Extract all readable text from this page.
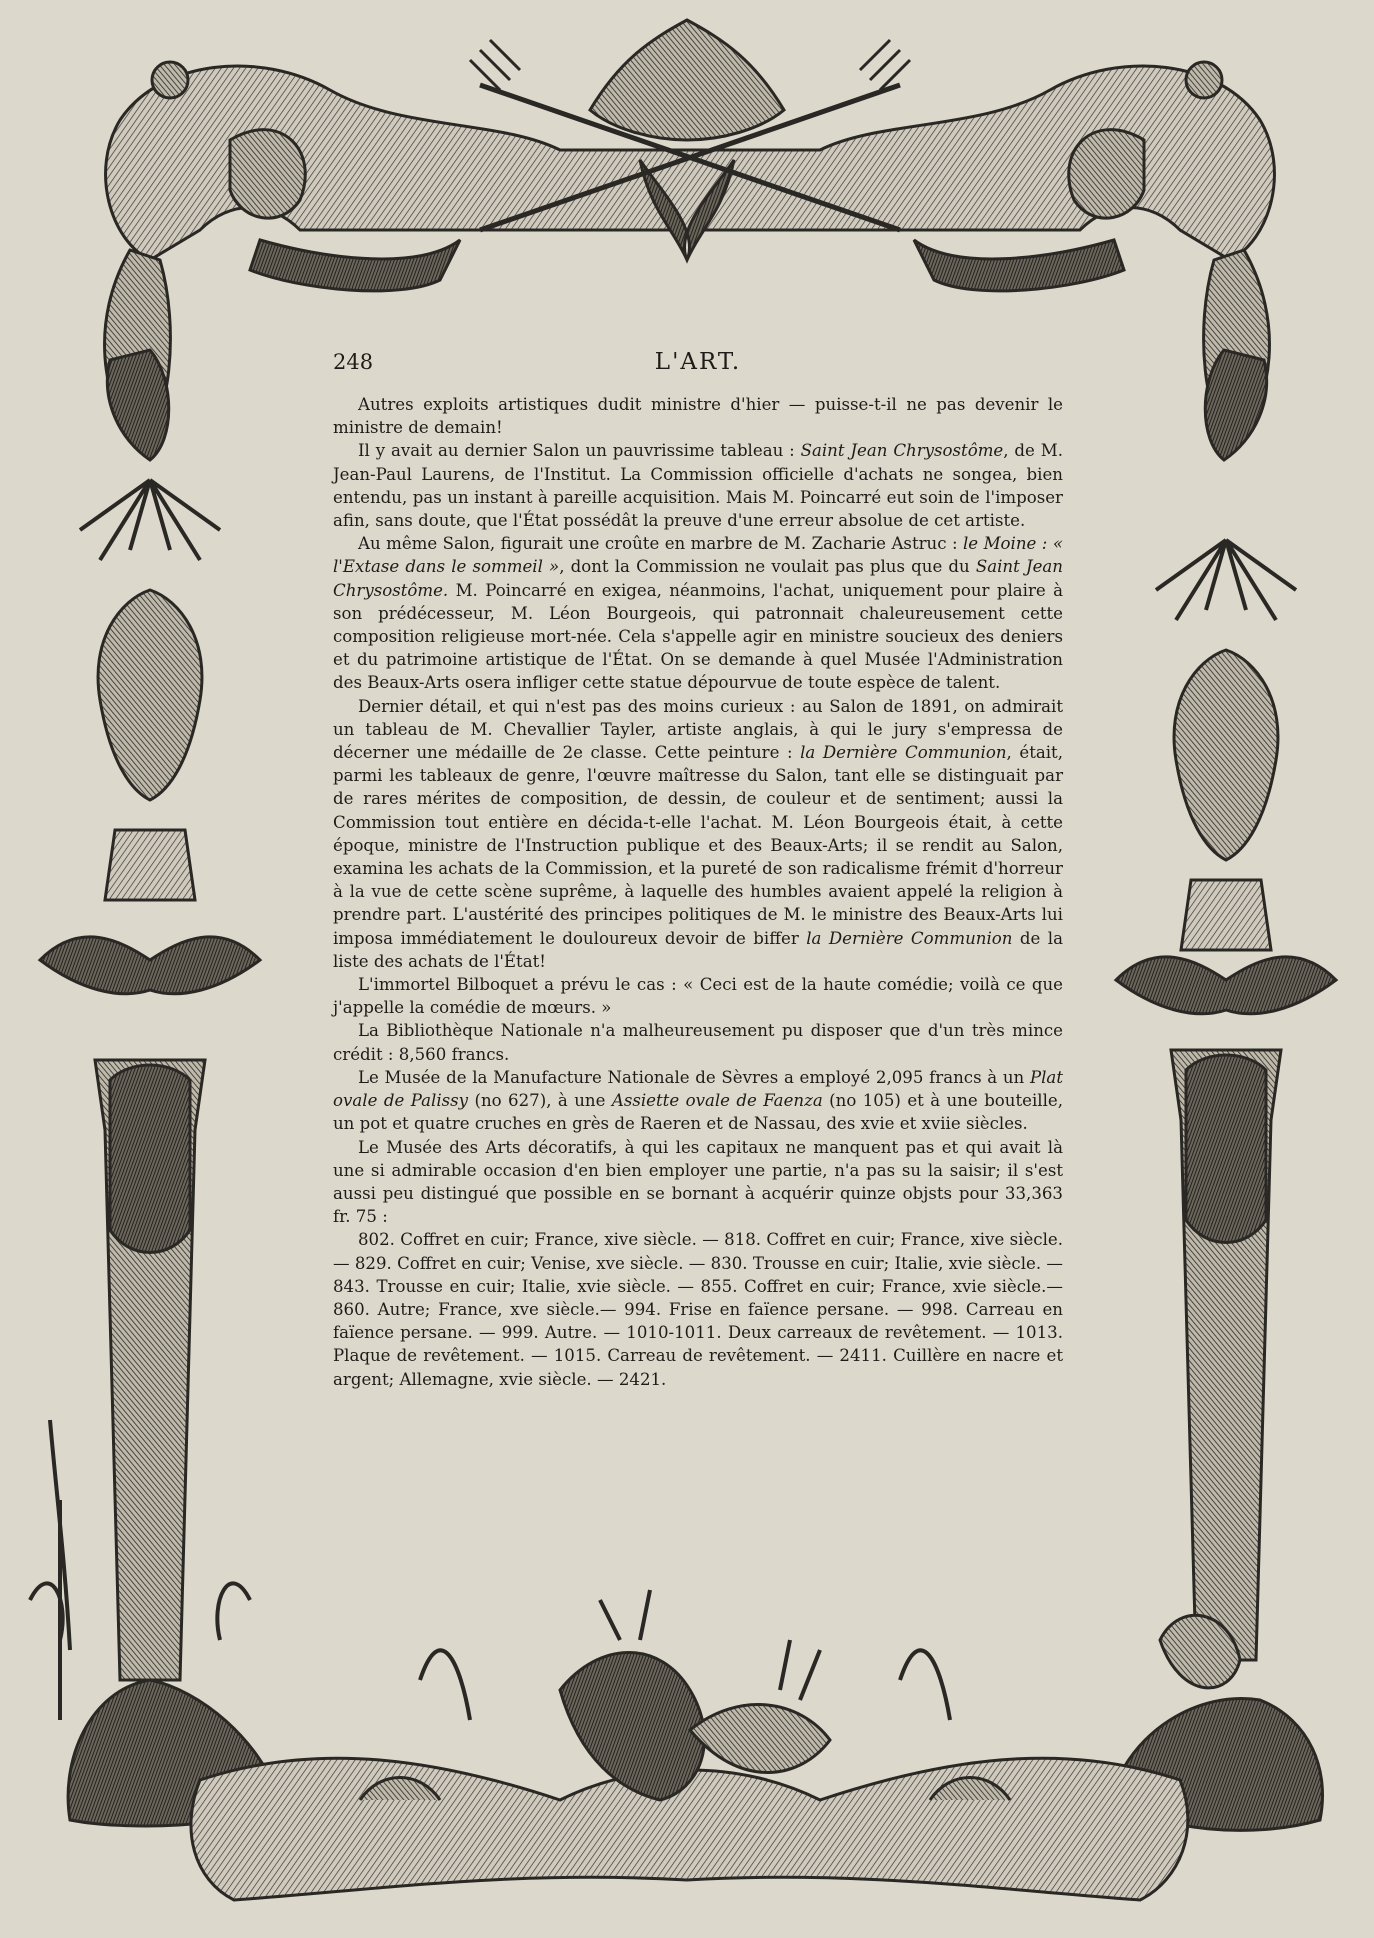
248	L'ART.

Autres exploits artistiques dudit ministre d'hier — puisse-t-il ne pas devenir le ministre de demain!

Il y avait au dernier Salon un pauvrissime tableau : Saint Jean Chrysostôme, de M. Jean-Paul Laurens, de l'Institut. La Commission officielle d'achats ne songea, bien entendu, pas un instant à pareille acquisition. Mais M. Poincarré eut soin de l'imposer afin, sans doute, que l'État possédât la preuve d'une erreur absolue de cet artiste.

Au même Salon, figurait une croûte en marbre de M. Zacharie Astruc : le Moine : « l'Extase dans le sommeil », dont la Commission ne voulait pas plus que du Saint Jean Chrysostôme. M. Poincarré en exigea, néanmoins, l'achat, uniquement pour plaire à son prédécesseur, M. Léon Bourgeois, qui patronnait chaleureusement cette composition religieuse mort-née. Cela s'appelle agir en ministre soucieux des deniers et du patrimoine artistique de l'État. On se demande à quel Musée l'Administration des Beaux-Arts osera infliger cette statue dépourvue de toute espèce de talent.

Dernier détail, et qui n'est pas des moins curieux : au Salon de 1891, on admirait un tableau de M. Chevallier Tayler, artiste anglais, à qui le jury s'empressa de décerner une médaille de 2e classe. Cette peinture : la Dernière Communion, était, parmi les tableaux de genre, l'œuvre maîtresse du Salon, tant elle se distinguait par de rares mérites de composition, de dessin, de couleur et de sentiment; aussi la Commission tout entière en décida-t-elle l'achat. M. Léon Bourgeois était, à cette époque, ministre de l'Instruction publique et des Beaux-Arts; il se rendit au Salon, examina les achats de la Commission, et la pureté de son radicalisme frémit d'horreur à la vue de cette scène suprême, à laquelle des humbles avaient appelé la religion à prendre part. L'austérité des principes politiques de M. le ministre des Beaux-Arts lui imposa immédiatement le douloureux devoir de biffer la Dernière Communion de la liste des achats de l'État!

L'immortel Bilboquet a prévu le cas : « Ceci est de la haute comédie; voilà ce que j'appelle la comédie de mœurs. »

La Bibliothèque Nationale n'a malheureusement pu disposer que d'un très mince crédit : 8,560 francs.

Le Musée de la Manufacture Nationale de Sèvres a employé 2,095 francs à un Plat ovale de Palissy (no 627), à une Assiette ovale de Faenza (no 105) et à une bouteille, un pot et quatre cruches en grès de Raeren et de Nassau, des xvie et xviie siècles.

Le Musée des Arts décoratifs, à qui les capitaux ne manquent pas et qui avait là une si admirable occasion d'en bien employer une partie, n'a pas su la saisir; il s'est aussi peu distingué que possible en se bornant à acquérir quinze objsts pour 33,363 fr. 75 :

802. Coffret en cuir; France, xive siècle. — 818. Coffret en cuir; France, xive siècle. — 829. Coffret en cuir; Venise, xve siècle. — 830. Trousse en cuir; Italie, xvie siècle. — 843. Trousse en cuir; Italie, xvie siècle. — 855. Coffret en cuir; France, xvie siècle.— 860. Autre; France, xve siècle.— 994. Frise en faïence persane. — 998. Carreau en faïence persane. — 999. Autre. — 1010-1011. Deux carreaux de revêtement. — 1013. Plaque de revêtement. — 1015. Carreau de revêtement. — 2411. Cuillère en nacre et argent; Allemagne, xvie siècle. — 2421.
